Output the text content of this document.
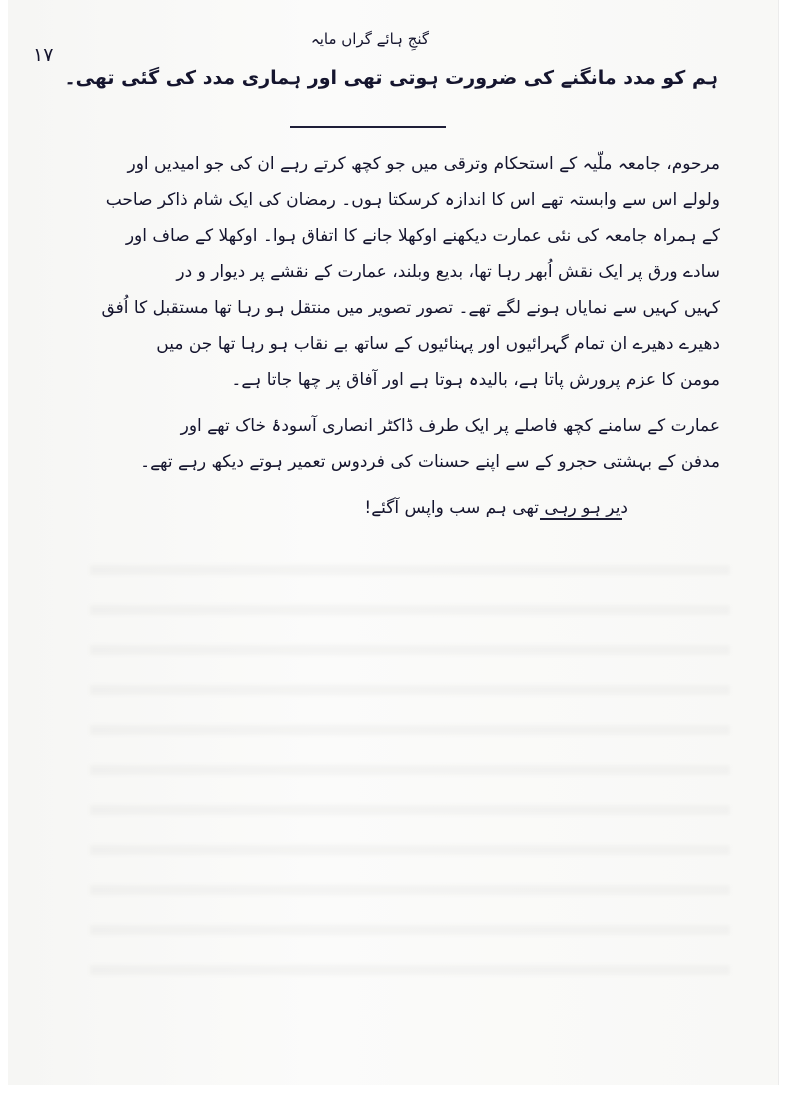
١٧
گنجِ ہائے گراں مایہ
ہم کو مدد مانگنے کی ضرورت ہوتی تھی اور ہماری مدد کی گئی تھی۔
مرحوم، جامعہ ملّیہ کے استحکام وترقی میں جو کچھ کرتے رہے ان کی جو امیدیں اور
ولولے اس سے وابستہ تھے اس کا اندازہ کرسکتا ہوں۔ رمضان کی ایک شام ذاکر صاحب
کے ہمراہ جامعہ کی نئی عمارت دیکھنے اوکھلا جانے کا اتفاق ہوا۔ اوکھلا کے صاف اور
سادے ورق پر ایک نقش اُبھر رہا تھا، بدیع وبلند، عمارت کے نقشے پر دیوار و در
کہیں کہیں سے نمایاں ہونے لگے تھے۔ تصور تصویر میں منتقل ہو رہا تھا مستقبل کا اُفق
دھیرے دھیرے ان تمام گہرائیوں اور پہنائیوں کے ساتھ بے نقاب ہو رہا تھا جن میں
مومن کا عزم پرورش پاتا ہے، بالیدہ ہوتا ہے اور آفاق پر چھا جاتا ہے۔
عمارت کے سامنے کچھ فاصلے پر ایک طرف ڈاکٹر انصاری آسودۂ خاک تھے اور
مدفن کے بہشتی حجرو کے سے اپنے حسنات کی فردوس تعمیر ہوتے دیکھ رہے تھے۔
دیر ہو رہی تھی ہم سب واپس آگئے!
